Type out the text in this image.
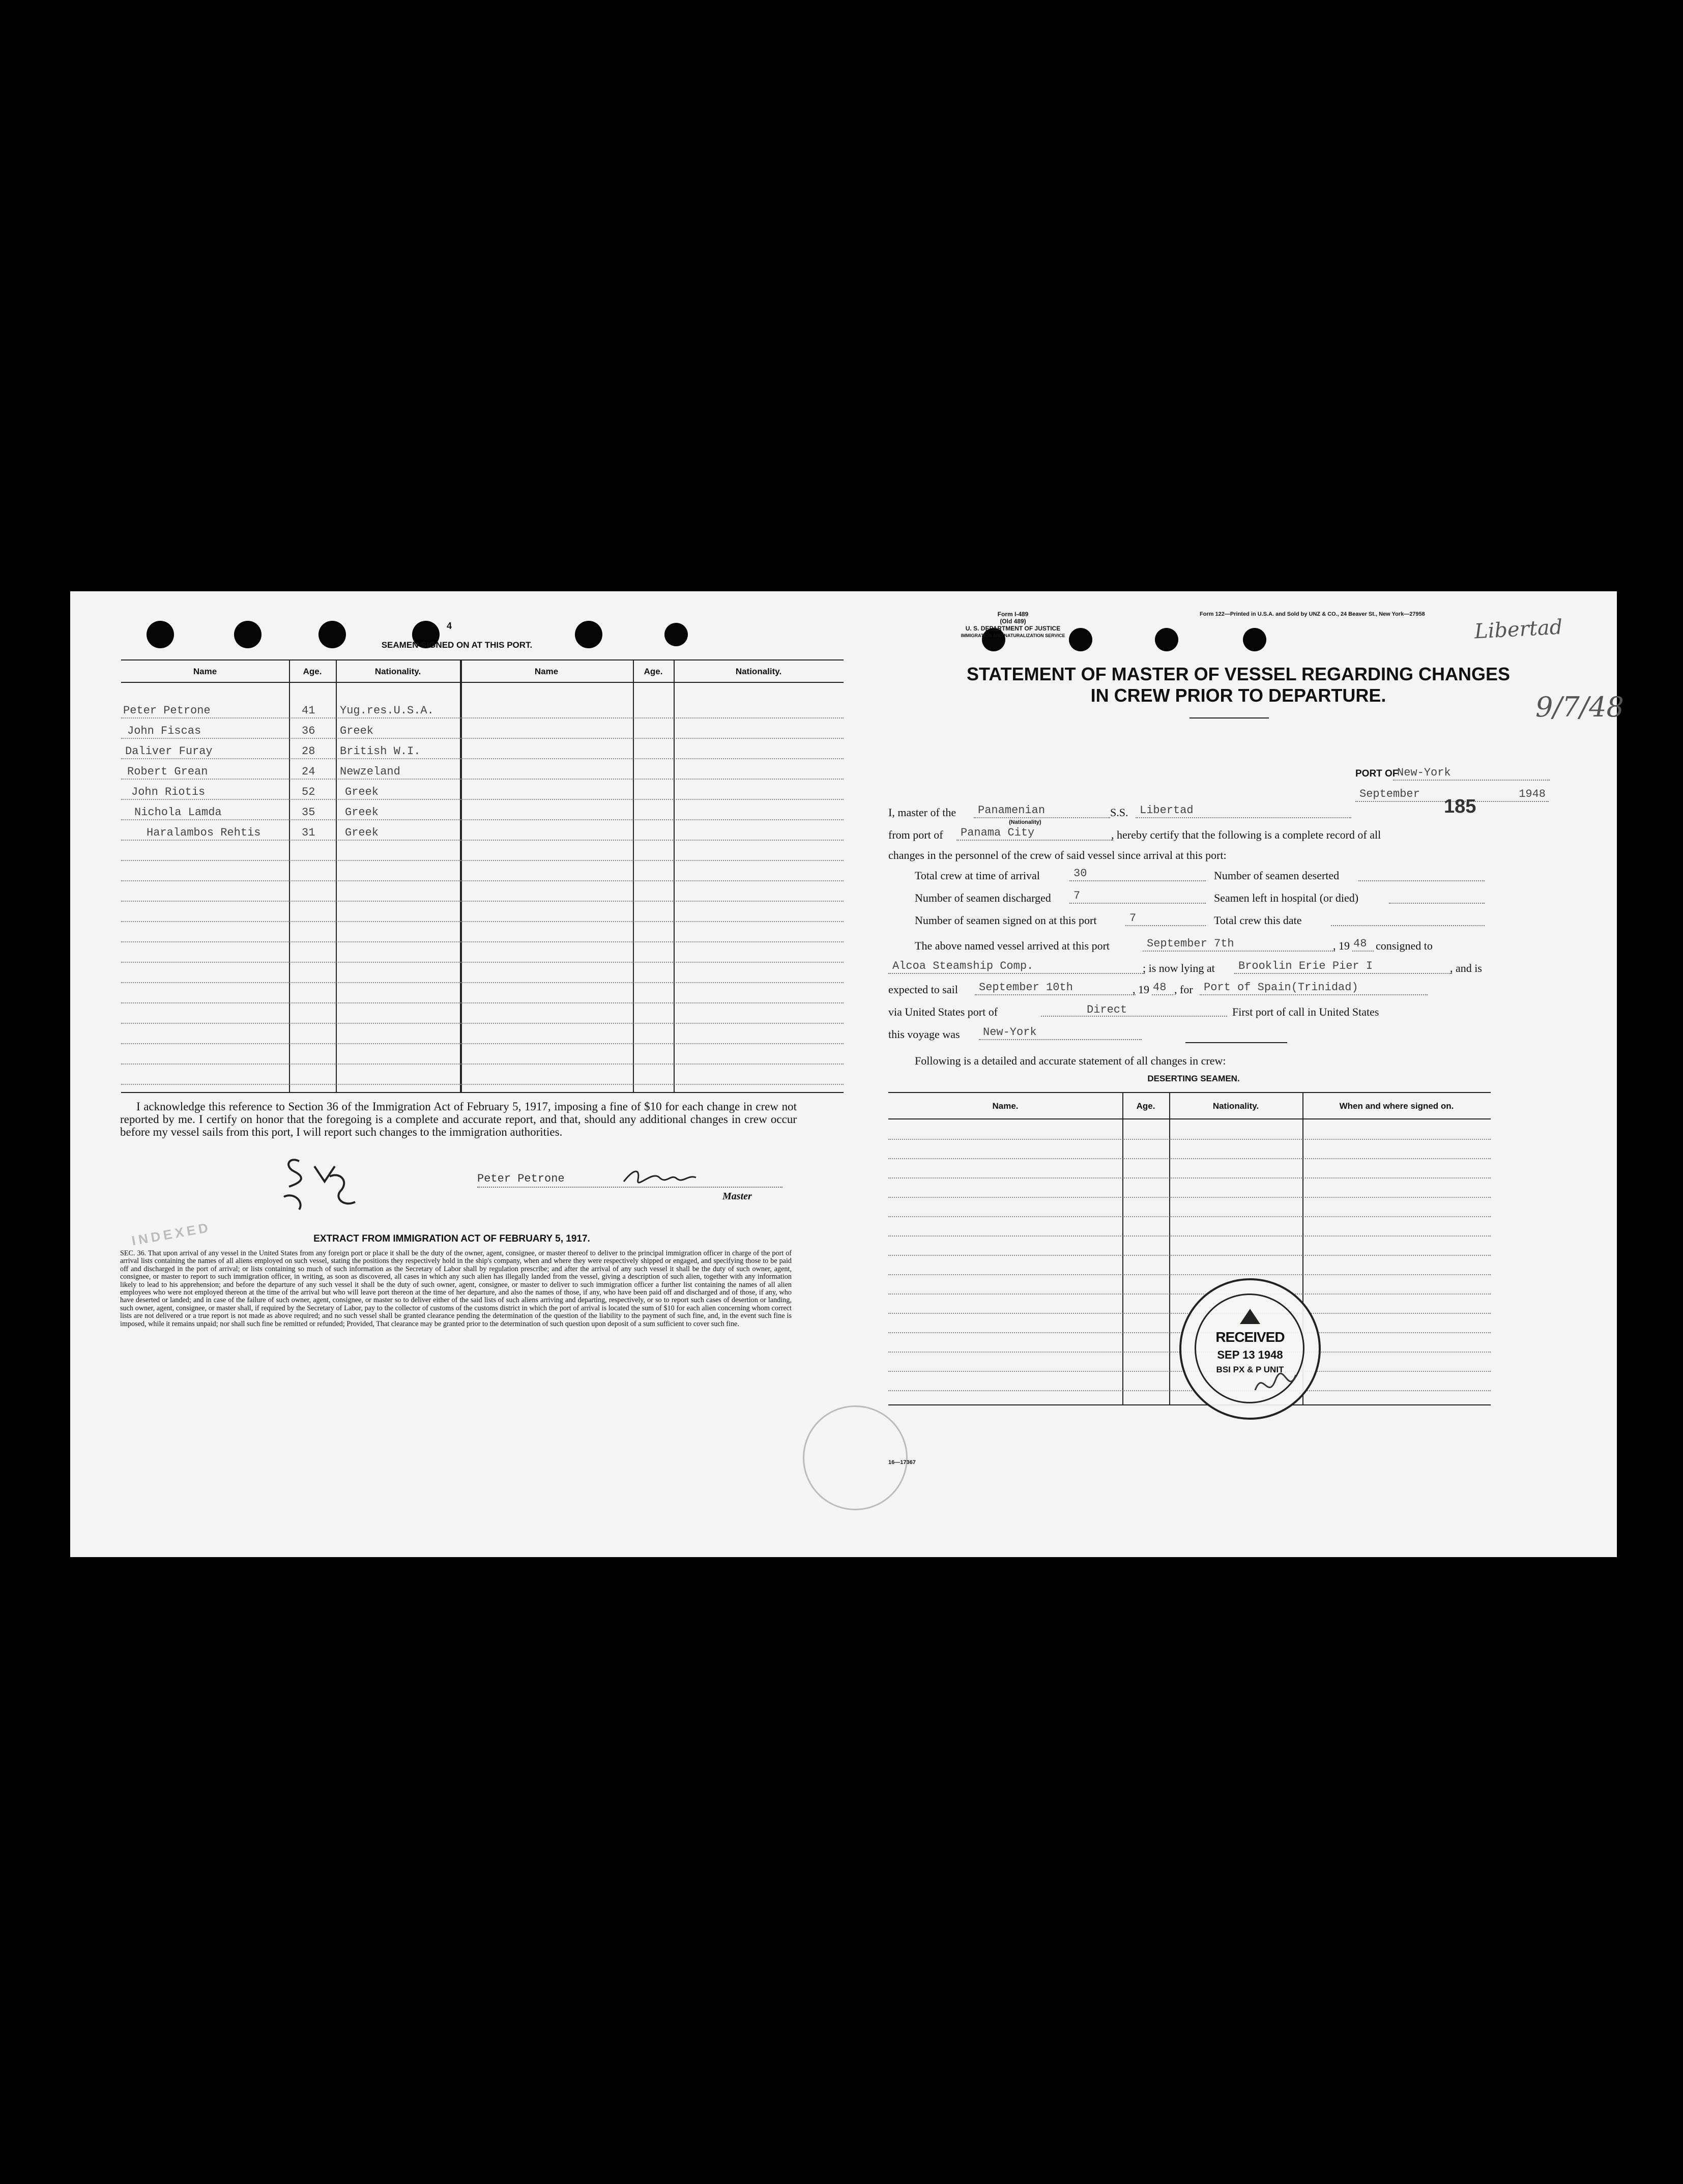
4
SEAMEN SIGNED ON AT THIS PORT.
Name	Age.	Nationality.	Name	Age.	Nationality.
Peter Petrone	41 Yug.res.U.S.A.
John Fiscas	36 Greek
Daliver Furay	28 British W.I.
Robert Grean	24 Newzeland
John Riotis	52	Greek
Nichola Lamda	35	Greek
Haralambos Rehtis	31	Greek
I acknowledge this reference to Section 36 of the Immigration Act of February 5, 1917, imposing a fine of $10 for each change in crew not reported by me. I certify on honor that the foregoing is a complete and accurate report, and that, should any additional changes in crew occur before my vessel sails from this port, I will report such changes to the immigration authorities.
Peter Petrone
Master
INDEXED	EXTRACT FROM IMMIGRATION ACT OF FEBRUARY 5, 1917.
SEC. 36. That upon arrival of any vessel in the United States from any foreign port or place it shall be the duty of the owner, agent, consignee, or master thereof to deliver to the principal immigration officer in charge of the port of arrival lists containing the names of all aliens employed on such vessel, stating the positions they respectively hold in the ship's company, when and where they were respectively shipped or engaged, and specifying those to be paid off and discharged in the port of arrival; or lists containing so much of such information as the Secretary of Labor shall by regulation prescribe; and after the arrival of any such vessel it shall be the duty of such owner, agent, consignee, or master to report to such immigration officer, in writing, as soon as discovered, all cases in which any such alien has illegally landed from the vessel, giving a description of such alien, together with any information likely to lead to his apprehension; and before the departure of any such vessel it shall be the duty of such owner, agent, consignee, or master to deliver to such immigration officer a further list containing the names of all alien employees who were not employed thereon at the time of the arrival but who will leave port thereon at the time of her departure, and also the names of those, if any, who have been paid off and discharged and of those, if any, who have deserted or landed; and in case of the failure of such owner, agent, consignee, or master so to deliver either of the said lists of such aliens arriving and departing, respectively, or so to report such cases of desertion or landing, such owner, agent, consignee, or master shall, if required by the Secretary of Labor, pay to the collector of customs of the customs district in which the port of arrival is located the sum of $10 for each alien concerning whom correct lists are not delivered or a true report is not made as above required; and no such vessel shall be granted clearance pending the determination of the question of the liability to the payment of such fine, and, in the event such fine is imposed, while it remains unpaid; nor shall such fine be remitted or refunded; Provided, That clearance may be granted prior to the determination of such question upon deposit of a sum sufficient to cover such fine.
Form I-489
(Old 489)
U. S. DEPARTMENT OF JUSTICE
IMMIGRATION AND NATURALIZATION SERVICE
Form 122—Printed in U.S.A. and Sold by UNZ & CO., 24 Beaver St., New York—27958
Libertad
9/7/48
STATEMENT OF MASTER OF VESSEL REGARDING CHANGES
IN CREW PRIOR TO DEPARTURE.
PORT OF
New-York
September	1948
I, master of the	Panamenian
(Nationality)
S.S.	Libertad	185
from port of	Panama City	, hereby certify that the following is a complete record of all
changes in the personnel of the crew of said vessel since arrival at this port:
Total crew at time of arrival	30	Number of seamen deserted
Number of seamen discharged	7	Seamen left in hospital (or died)
Number of seamen signed on at this port	7	Total crew this date
The above named vessel arrived at this port	September 7th	, 19 48 consigned to
Alcoa Steamship Comp.	; is now lying at	Brooklin Erie Pier I	, and is
expected to sail	September 10th	, 19 48 , for Port of Spain(Trinidad)
via United States port of	Direct	First port of call in United States
this voyage was	New-York
Following is a detailed and accurate statement of all changes in crew:
DESERTING SEAMEN.
Name.	Age.	Nationality.	When and where signed on.
RECEIVED
SEP 13 1948
BSI PX & P UNIT
16—17367
